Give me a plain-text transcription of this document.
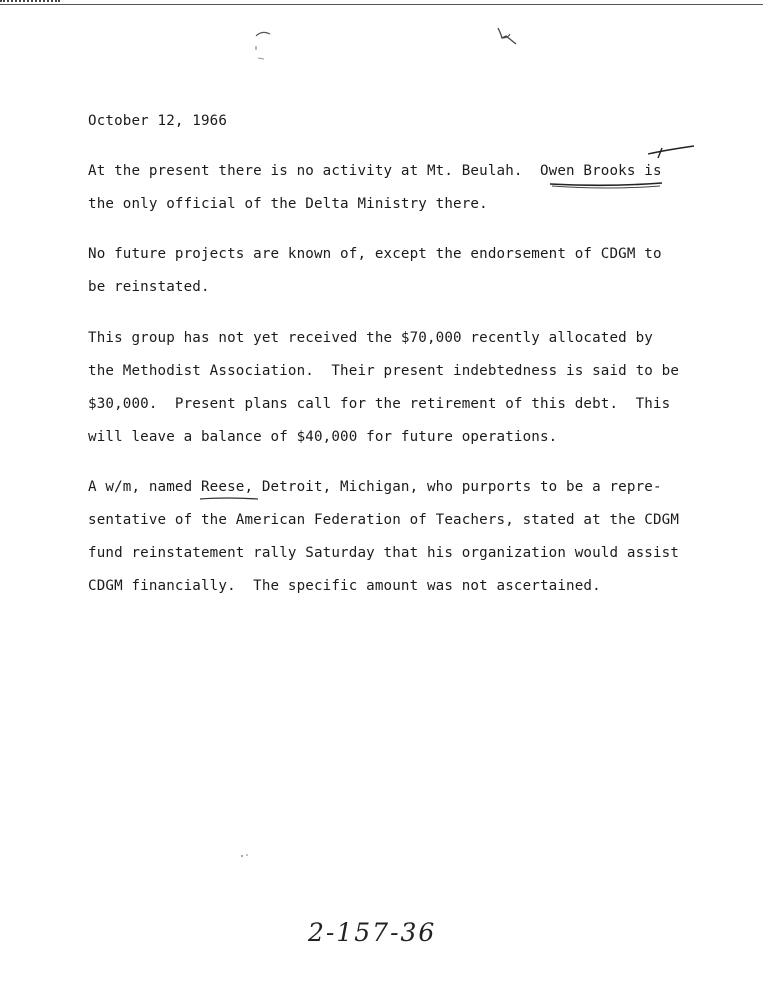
October 12, 1966
At the present there is no activity at Mt. Beulah.  Owen Brooks is
the only official of the Delta Ministry there.
No future projects are known of, except the endorsement of CDGM to
be reinstated.
This group has not yet received the $70,000 recently allocated by
the Methodist Association.  Their present indebtedness is said to be
$30,000.  Present plans call for the retirement of this debt.  This
will leave a balance of $40,000 for future operations.
A w/m, named Reese, Detroit, Michigan, who purports to be a repre-
sentative of the American Federation of Teachers, stated at the CDGM
fund reinstatement rally Saturday that his organization would assist
CDGM financially.  The specific amount was not ascertained.
2-157-36
